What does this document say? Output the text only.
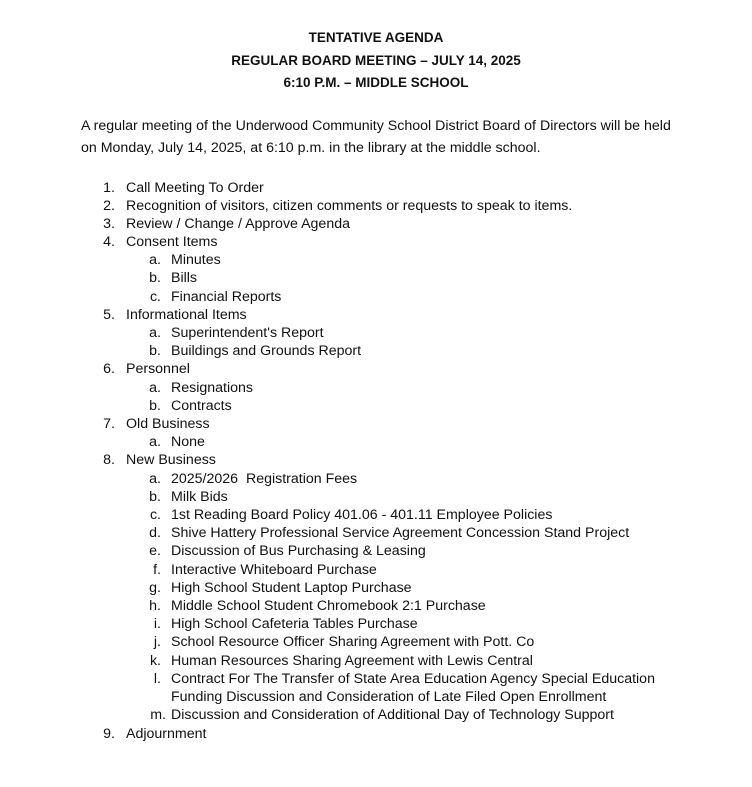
TENTATIVE AGENDA
REGULAR BOARD MEETING – JULY 14, 2025
6:10 P.M. – MIDDLE SCHOOL
A regular meeting of the Underwood Community School District Board of Directors will be held on Monday, July 14, 2025, at 6:10 p.m. in the library at the middle school.
1. Call Meeting To Order
2. Recognition of visitors, citizen comments or requests to speak to items.
3. Review / Change / Approve Agenda
4. Consent Items
a. Minutes
b. Bills
c. Financial Reports
5. Informational Items
a. Superintendent's Report
b. Buildings and Grounds Report
6. Personnel
a. Resignations
b. Contracts
7. Old Business
a. None
8. New Business
a. 2025/2026  Registration Fees
b. Milk Bids
c. 1st Reading Board Policy 401.06 - 401.11 Employee Policies
d. Shive Hattery Professional Service Agreement Concession Stand Project
e. Discussion of Bus Purchasing & Leasing
f. Interactive Whiteboard Purchase
g. High School Student Laptop Purchase
h. Middle School Student Chromebook 2:1 Purchase
i. High School Cafeteria Tables Purchase
j. School Resource Officer Sharing Agreement with Pott. Co
k. Human Resources Sharing Agreement with Lewis Central
l. Contract For The Transfer of State Area Education Agency Special Education
Funding Discussion and Consideration of Late Filed Open Enrollment
m. Discussion and Consideration of Additional Day of Technology Support
9. Adjournment
